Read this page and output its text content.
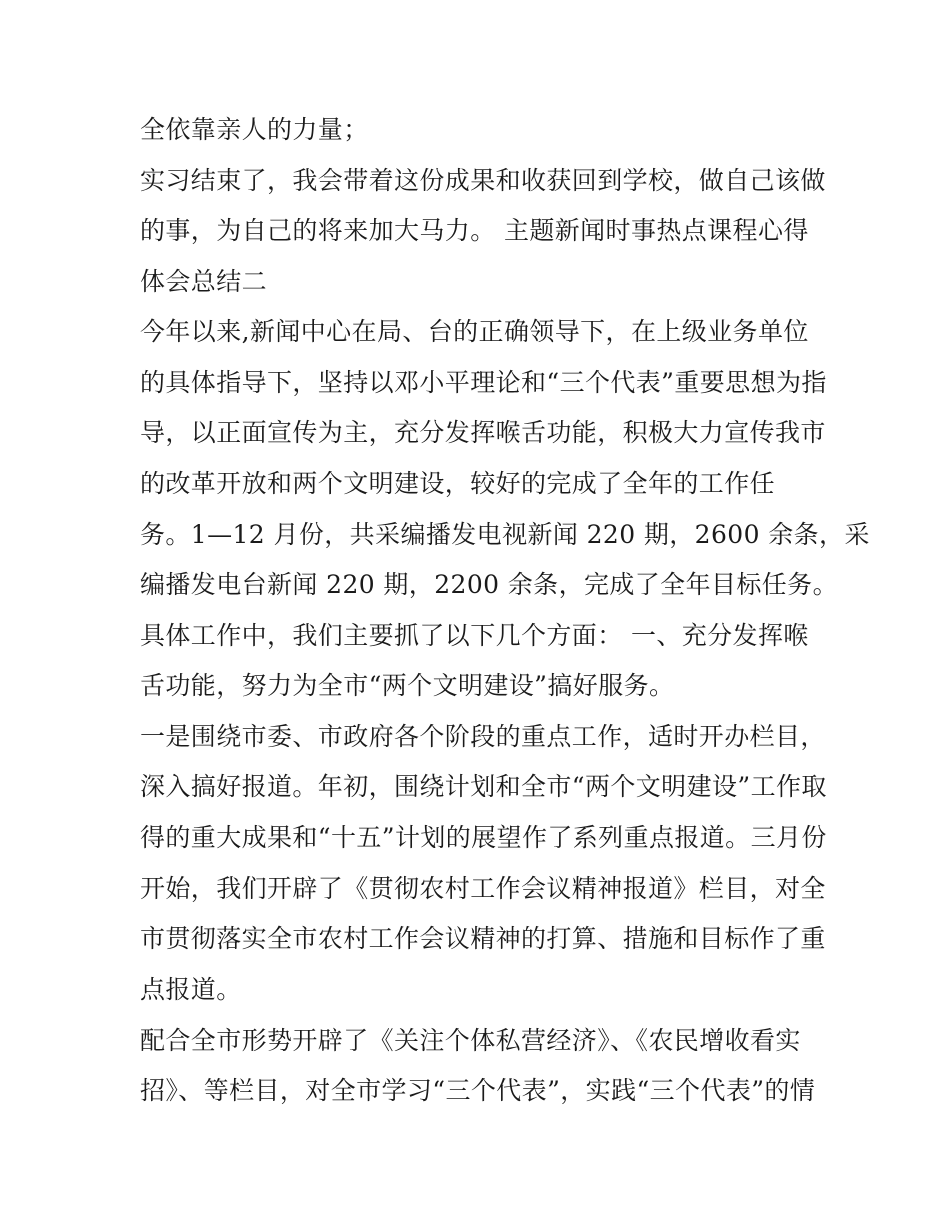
全依靠亲人的力量；
实习结束了，我会带着这份成果和收获回到学校，做自己该做
的事，为自己的将来加大马力。 主题新闻时事热点课程心得
体会总结二
今年以来,新闻中心在局、台的正确领导下，在上级业务单位
的具体指导下，坚持以邓小平理论和“三个代表”重要思想为指
导，以正面宣传为主，充分发挥喉舌功能，积极大力宣传我市
的改革开放和两个文明建设，较好的完成了全年的工作任
务。1—12 月份，共采编播发电视新闻 220 期，2600 余条，采
编播发电台新闻 220 期，2200 余条，完成了全年目标任务。
具体工作中，我们主要抓了以下几个方面： 一、充分发挥喉
舌功能，努力为全市“两个文明建设”搞好服务。
一是围绕市委、市政府各个阶段的重点工作，适时开办栏目，
深入搞好报道。年初，围绕计划和全市“两个文明建设”工作取
得的重大成果和“十五”计划的展望作了系列重点报道。三月份
开始，我们开辟了《贯彻农村工作会议精神报道》栏目，对全
市贯彻落实全市农村工作会议精神的打算、措施和目标作了重
点报道。
配合全市形势开辟了《关注个体私营经济》、《农民增收看实
招》、等栏目，对全市学习“三个代表”，实践“三个代表”的情
